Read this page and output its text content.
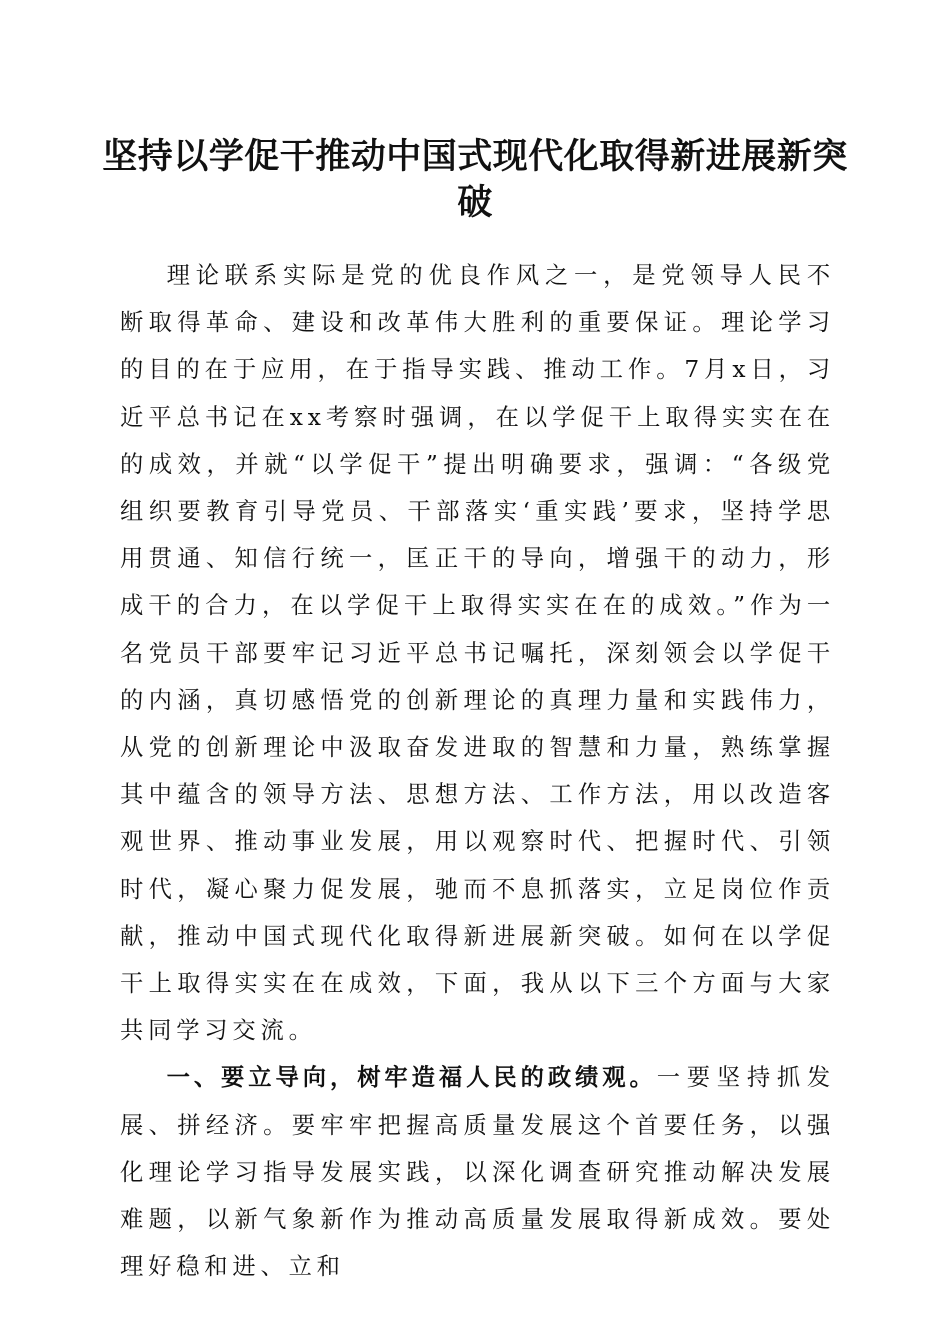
坚持以学促干推动中国式现代化取得新进展新突破

理论联系实际是党的优良作风之一，是党领导人民不断取得革命、建设和改革伟大胜利的重要保证。理论学习的目的在于应用，在于指导实践、推动工作。7月x日，习近平总书记在xx考察时强调，在以学促干上取得实实在在的成效，并就“以学促干”提出明确要求，强调：“各级党组织要教育引导党员、干部落实‘重实践’要求，坚持学思用贯通、知信行统一，匡正干的导向，增强干的动力，形成干的合力，在以学促干上取得实实在在的成效。”作为一名党员干部要牢记习近平总书记嘱托，深刻领会以学促干的内涵，真切感悟党的创新理论的真理力量和实践伟力，从党的创新理论中汲取奋发进取的智慧和力量，熟练掌握其中蕴含的领导方法、思想方法、工作方法，用以改造客观世界、推动事业发展，用以观察时代、把握时代、引领时代，凝心聚力促发展，驰而不息抓落实，立足岗位作贡献，推动中国式现代化取得新进展新突破。如何在以学促干上取得实实在在成效，下面，我从以下三个方面与大家共同学习交流。

一、要立导向，树牢造福人民的政绩观。一要坚持抓发展、拼经济。要牢牢把握高质量发展这个首要任务，以强化理论学习指导发展实践，以深化调查研究推动解决发展难题，以新气象新作为推动高质量发展取得新成效。要处理好稳和进、立和
